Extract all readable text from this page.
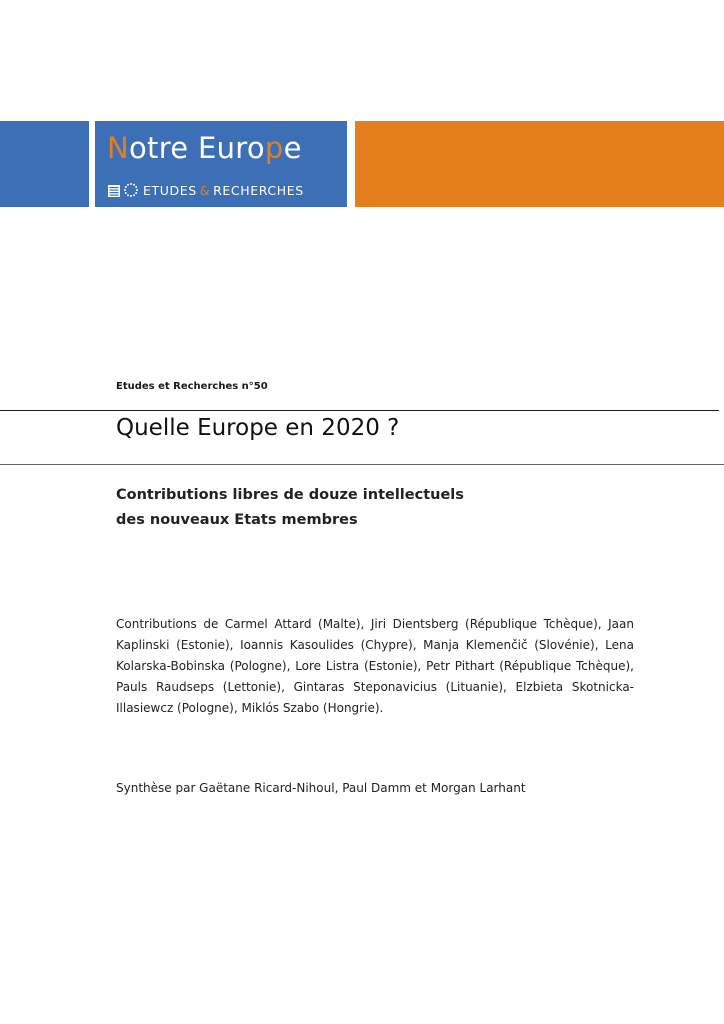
Notre Europe
ETUDES & RECHERCHES
Etudes et Recherches n°50
Quelle Europe en 2020 ?
Contributions libres de douze intellectuels
des nouveaux Etats membres
Contributions de Carmel Attard (Malte), Jiri Dientsberg (République Tchèque), Jaan Kaplinski (Estonie), Ioannis Kasoulides (Chypre), Manja Klemenčič (Slovénie), Lena Kolarska-Bobinska (Pologne), Lore Listra (Estonie), Petr Pithart (République Tchèque), Pauls Raudseps (Lettonie), Gintaras Steponavicius (Lituanie), Elzbieta Skotnicka-Illasiewcz (Pologne), Miklós Szabo (Hongrie).
Synthèse par Gaëtane Ricard-Nihoul, Paul Damm et Morgan Larhant
